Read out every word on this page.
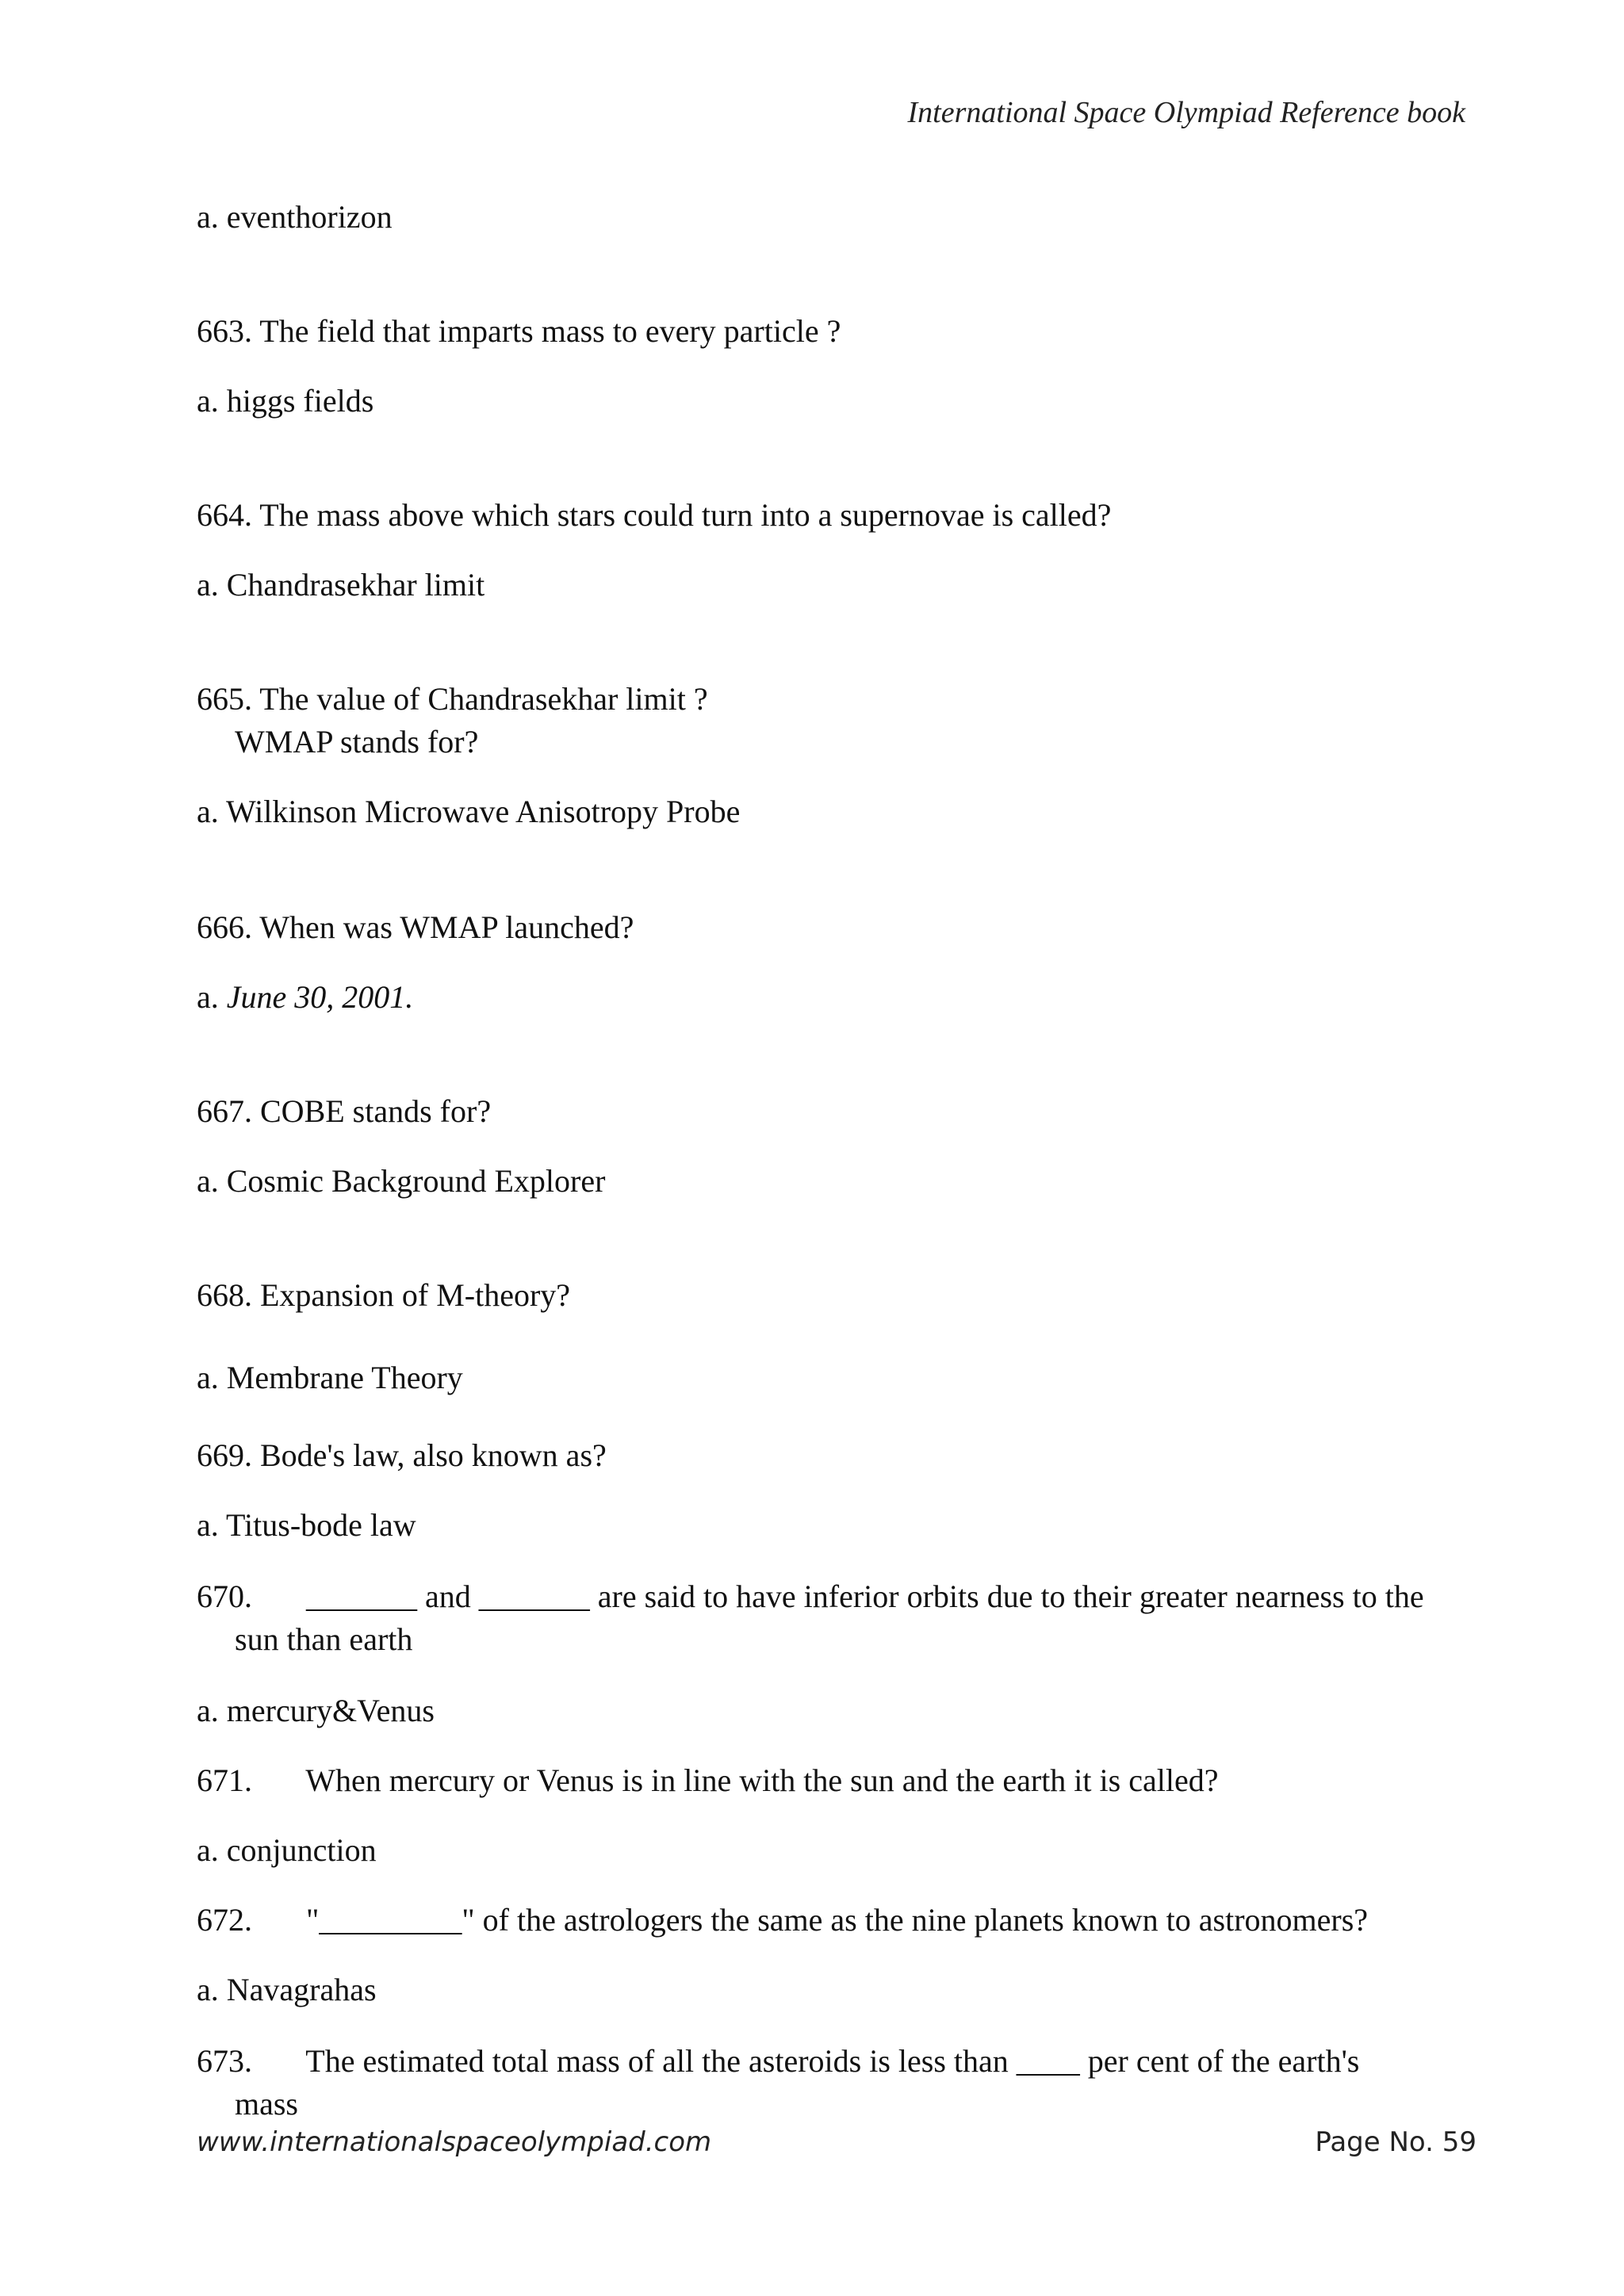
International Space Olympiad Reference book
a. eventhorizon
663. The field that imparts mass to every particle ?
a. higgs fields
664. The mass above which stars could turn into a supernovae is called?
a. Chandrasekhar limit
665. The value of Chandrasekhar limit ?
WMAP stands for?
a. Wilkinson Microwave Anisotropy Probe
666. When was WMAP launched?
a. June 30, 2001.
667. COBE stands for?
a. Cosmic Background Explorer
668. Expansion of M-theory?
a. Membrane Theory
669. Bode's law, also known as?
a. Titus-bode law
670. _______ and _______ are said to have inferior orbits due to their greater nearness to the
sun than earth
a. mercury&Venus
671. When mercury or Venus is in line with the sun and the earth it is called?
a. conjunction
672. "_________" of the astrologers the same as the nine planets known to astronomers?
a. Navagrahas
673. The estimated total mass of all the asteroids is less than ____ per cent of the earth's
mass
www.internationalspaceolympiad.com	Page No. 59
